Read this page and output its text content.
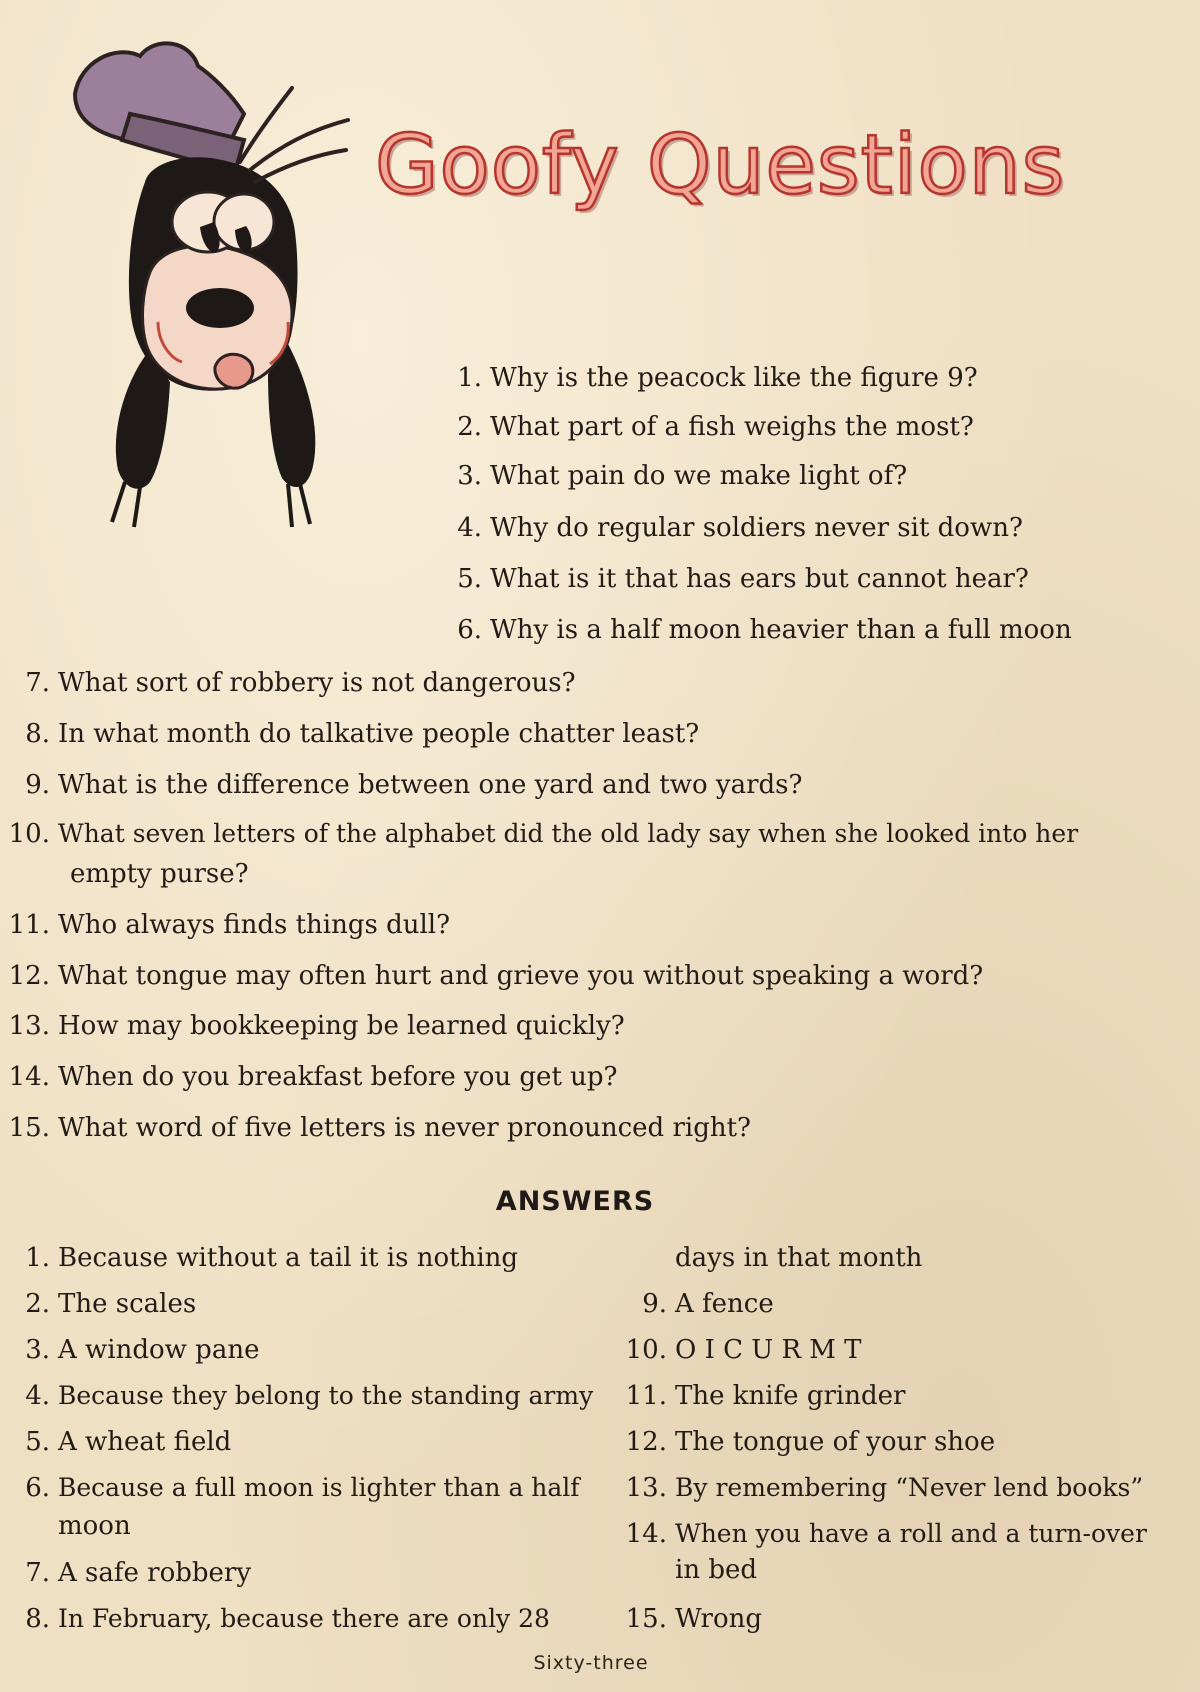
Goofy Questions
1. Why is the peacock like the figure 9?
2. What part of a fish weighs the most?
3. What pain do we make light of?
4. Why do regular soldiers never sit down?
5. What is it that has ears but cannot hear?
6. Why is a half moon heavier than a full moon
7. What sort of robbery is not dangerous?
8. In what month do talkative people chatter least?
9. What is the difference between one yard and two yards?
10. What seven letters of the alphabet did the old lady say when she looked into her
empty purse?
11. Who always finds things dull?
12. What tongue may often hurt and grieve you without speaking a word?
13. How may bookkeeping be learned quickly?
14. When do you breakfast before you get up?
15. What word of five letters is never pronounced right?
ANSWERS
1. Because without a tail it is nothing
2. The scales
3. A window pane
4. Because they belong to the standing army
5. A wheat field
6. Because a full moon is lighter than a half
moon
7. A safe robbery
8. In February, because there are only 28
days in that month
9. A fence
10. O I C U R M T
11. The knife grinder
12. The tongue of your shoe
13. By remembering “Never lend books”
14. When you have a roll and a turn-over
in bed
15. Wrong
Sixty-three
